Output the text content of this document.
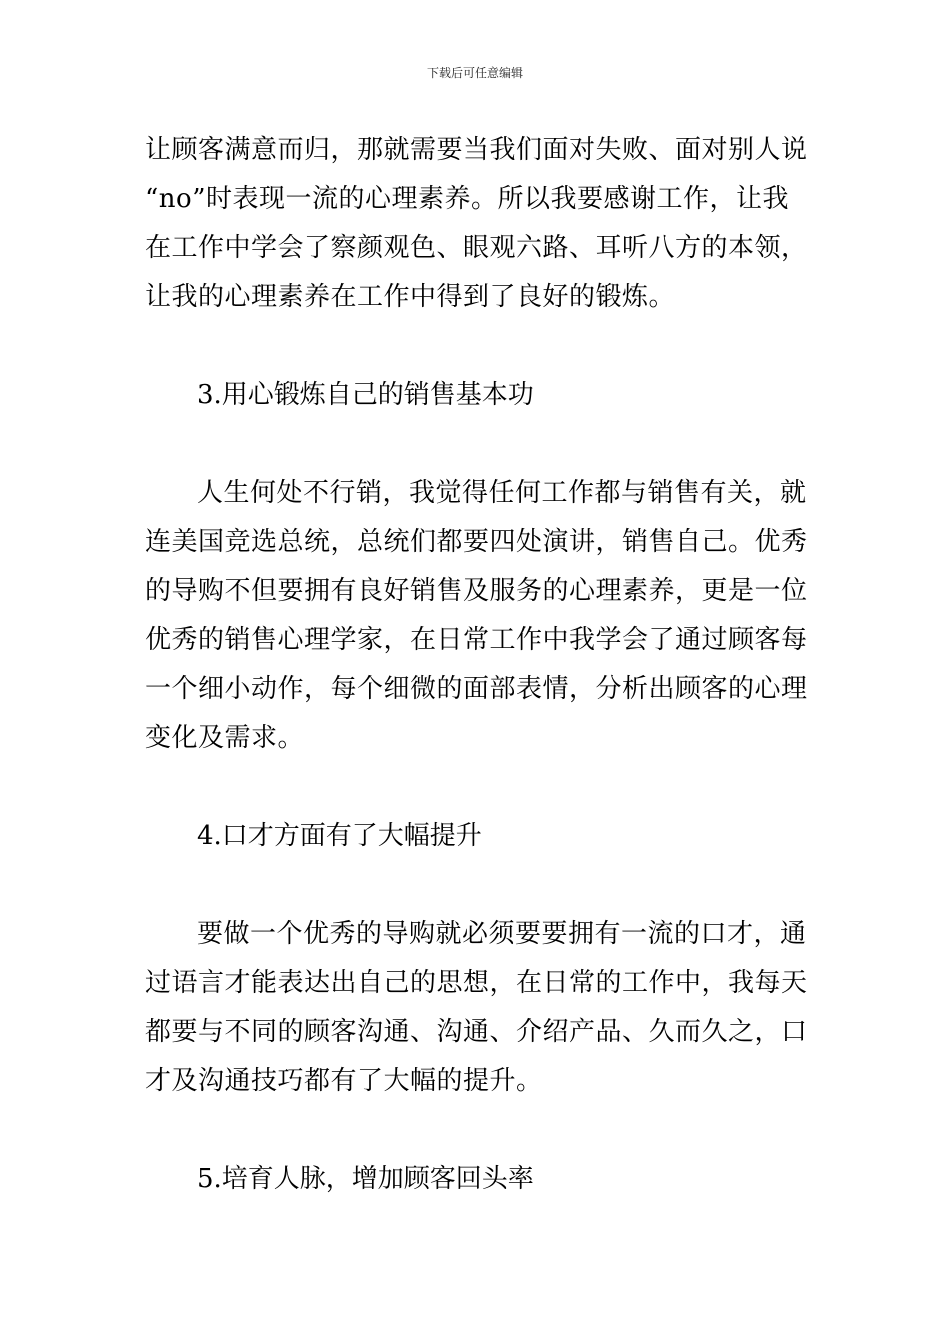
下载后可任意编辑
让顾客满意而归，那就需要当我们面对失败、面对别人说
“no”时表现一流的心理素养。所以我要感谢工作，让我
在工作中学会了察颜观色、眼观六路、耳听八方的本领，
让我的心理素养在工作中得到了良好的锻炼。
3.用心锻炼自己的销售基本功
人生何处不行销，我觉得任何工作都与销售有关，就
连美国竞选总统，总统们都要四处演讲，销售自己。优秀
的导购不但要拥有良好销售及服务的心理素养，更是一位
优秀的销售心理学家，在日常工作中我学会了通过顾客每
一个细小动作，每个细微的面部表情，分析出顾客的心理
变化及需求。
4.口才方面有了大幅提升
要做一个优秀的导购就必须要要拥有一流的口才，通
过语言才能表达出自己的思想，在日常的工作中，我每天
都要与不同的顾客沟通、沟通、介绍产品、久而久之，口
才及沟通技巧都有了大幅的提升。
5.培育人脉，增加顾客回头率
